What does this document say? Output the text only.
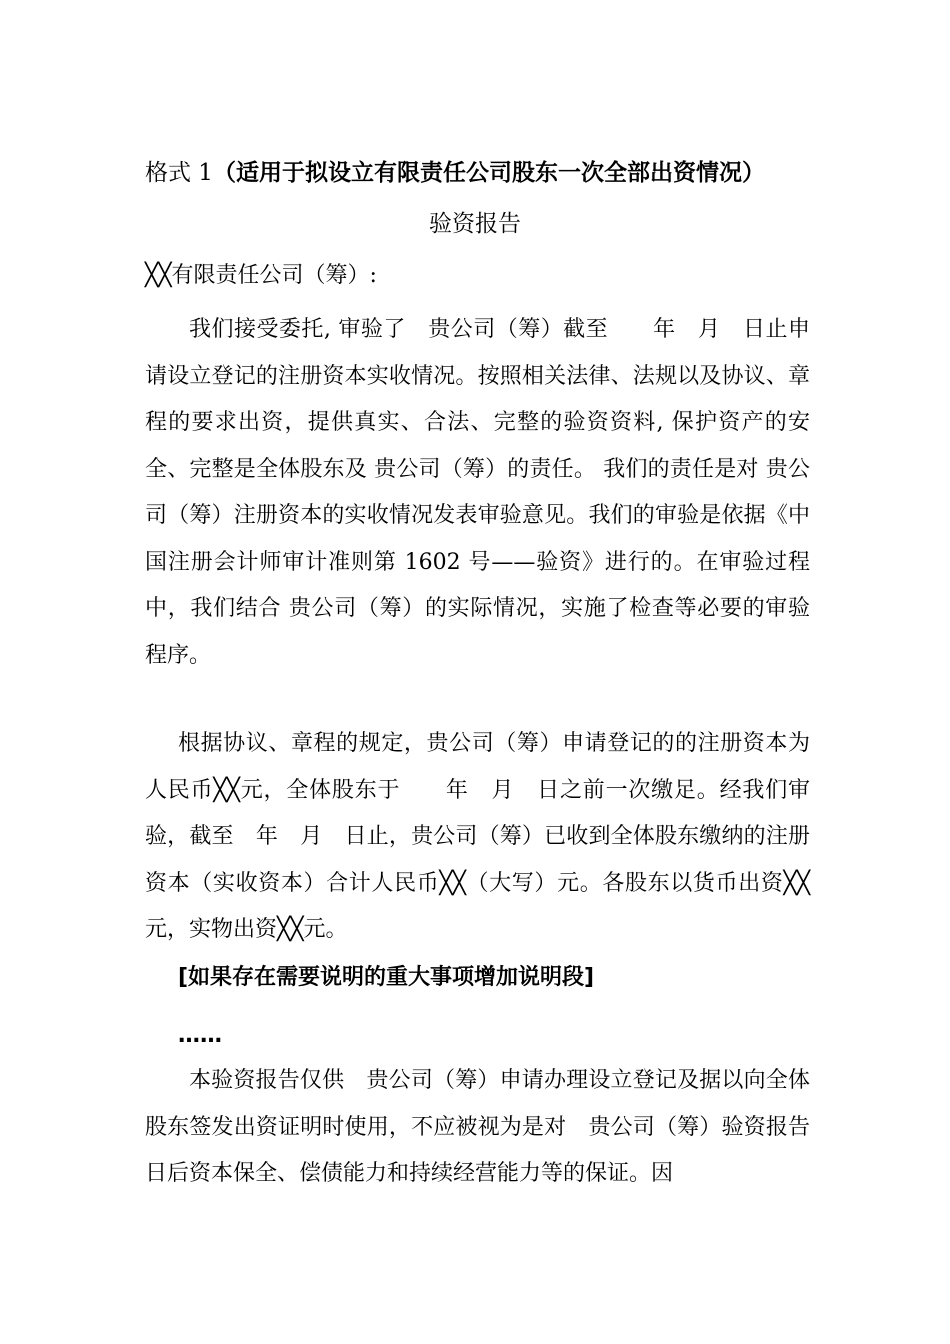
格式 1（适用于拟设立有限责任公司股东一次全部出资情况）
验资报告
╳╳有限责任公司（筹）:

我们接受委托, 审验了　贵公司（筹）截至　　年　月　日止申请设立登记的注册资本实收情况。按照相关法律、法规以及协议、章程的要求出资，提供真实、合法、完整的验资资料, 保护资产的安全、完整是全体股东及 贵公司（筹）的责任。 我们的责任是对 贵公司（筹）注册资本的实收情况发表审验意见。我们的审验是依据《中国注册会计师审计准则第 1602 号——验资》进行的。在审验过程中，我们结合 贵公司（筹）的实际情况，实施了检查等必要的审验程序。

根据协议、章程的规定，贵公司（筹）申请登记的的注册资本为人民币╳╳元，全体股东于　　年　月　日之前一次缴足。经我们审验，截至　年　月　日止，贵公司（筹）已收到全体股东缴纳的注册资本（实收资本）合计人民币╳╳（大写）元。各股东以货币出资╳╳元，实物出资╳╳元。

[如果存在需要说明的重大事项增加说明段]
……

本验资报告仅供　贵公司（筹）申请办理设立登记及据以向全体股东签发出资证明时使用，不应被视为是对　贵公司（筹）验资报告日后资本保全、偿债能力和持续经营能力等的保证。因
